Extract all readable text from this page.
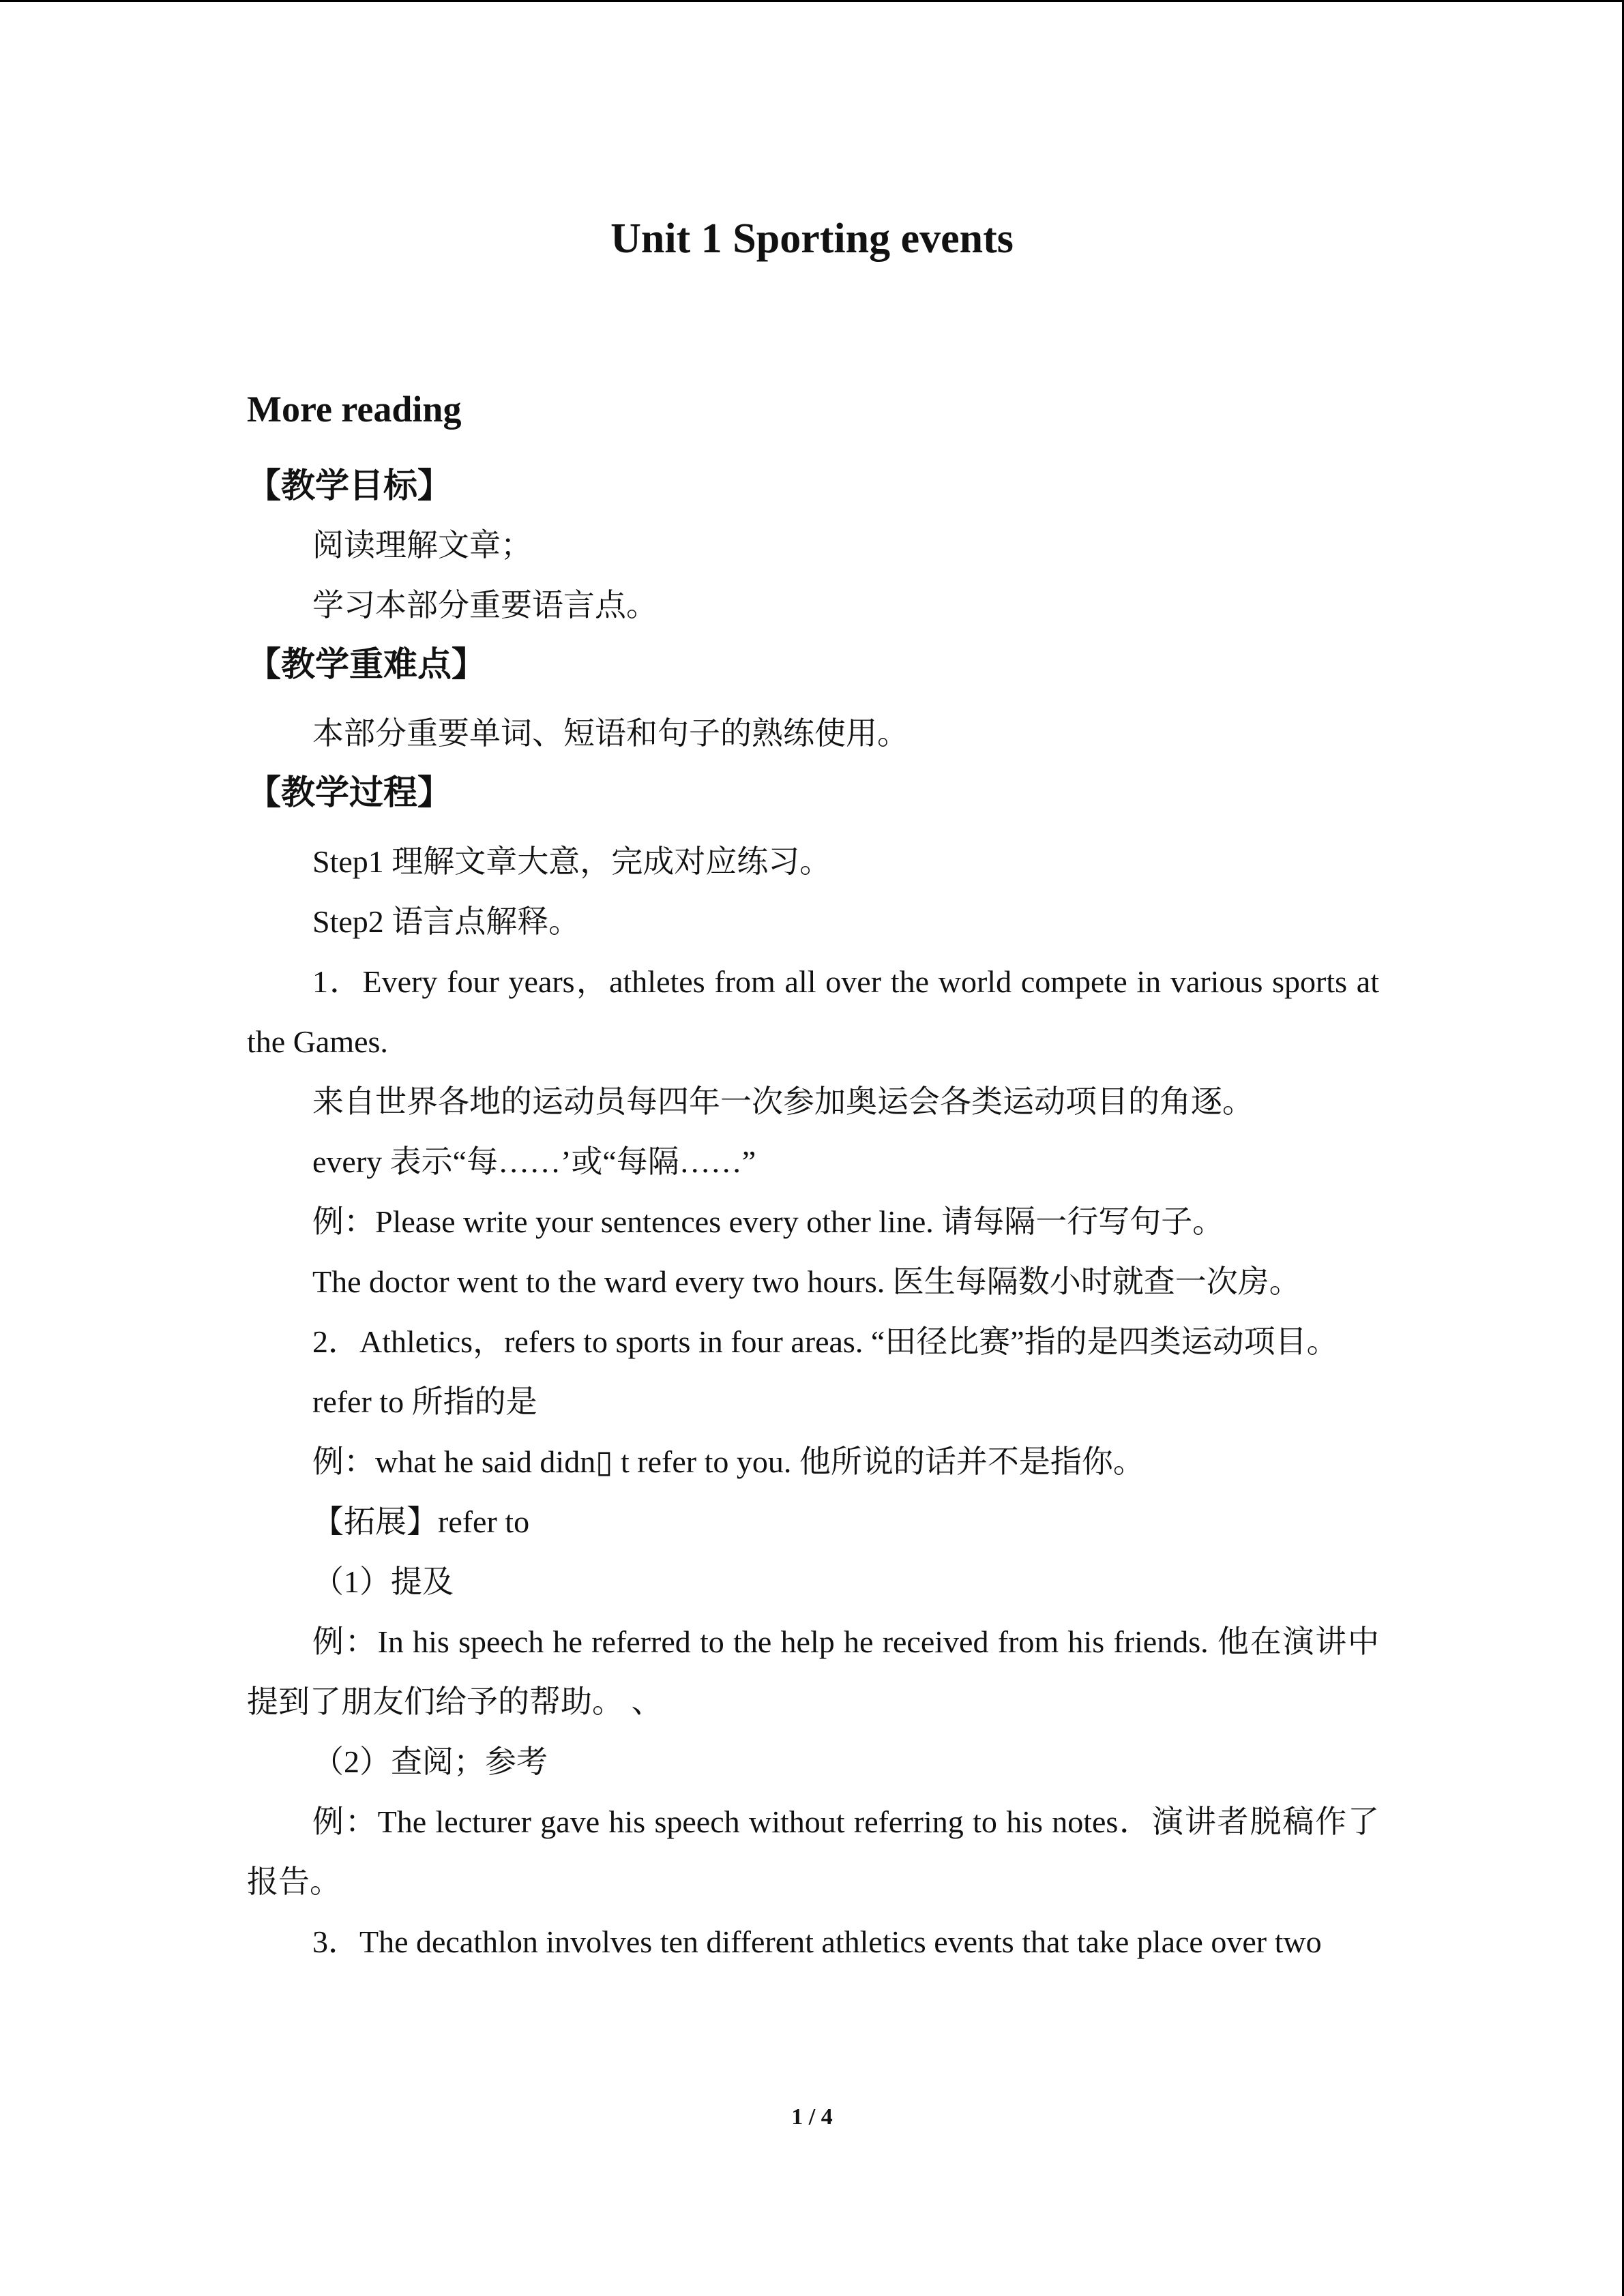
Unit 1 Sporting events
More reading
【教学目标】

阅读理解文章；

学习本部分重要语言点。

【教学重难点】

本部分重要单词、短语和句子的熟练使用。

【教学过程】

Step1 理解文章大意，完成对应练习。

Step2 语言点解释。

1．Every four years，athletes from all over the world compete in various sports at the Games.

来自世界各地的运动员每四年一次参加奥运会各类运动项目的角逐。

every 表示“每……’或“每隔……”

例：Please write your sentences every other line. 请每隔一行写句子。

The doctor went to the ward every two hours. 医生每隔数小时就查一次房。

2．Athletics，refers to sports in four areas. “田径比赛”指的是四类运动项目。

refer to 所指的是

例：what he said didn▯ t refer to you. 他所说的话并不是指你。

【拓展】refer to

（1）提及

例：In his speech he referred to the help he received from his friends. 他在演讲中提到了朋友们给予的帮助。 、

（2）查阅；参考

例：The lecturer gave his speech without referring to his notes．演讲者脱稿作了报告。

3．The decathlon involves ten different athletics events that take place over two

1 / 4
